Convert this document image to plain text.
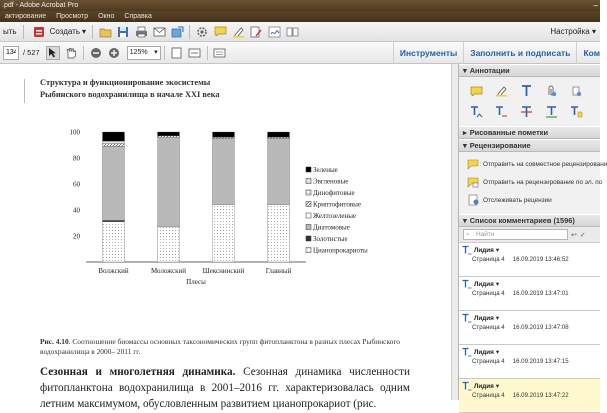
.pdf - Adobe Acrobat Pro	–
актирование	Просмотр	Окно	Справка
ыть	Создать ▾	Настройка ▾
134
/ 527	125% ▾	Инструменты	Заполнить и подписать	Ком
Структура и функционирование экосистемы
Рыбинского водохранилища в начале XXI века
20
40
60
80
100
Волжский	Моложский Шекснинский	Главный
Плесы
Зеленые
Эвгленовые
Динофитовые
Криптофитовые
Желтозеленые
Диатомовые
Золотистые
Цианопрокариоты
Рис. 4.10. Соотношение биомассы основных таксономических групп фитопланктона в разных плесах Рыбинского водохранилища в 2000– 2011 гг.
Сезонная и многолетняя динамика. Сезонная динамика численности фитопланктона водохранилища в 2001–2016 гг. характеризовалась одним летним максимумом, обусловленным развитием цианопрокариот (рис.
▾ Аннотации
▸ Рисованные пометки
▾ Рецензирование
Отправить на совместное рецензировани
Отправить на рецензирование по эл. по
Отслеживать рецензии
▾ Список комментариев (1596)
⌕ Найти	↩ ✓
Лидия ▾
Страница 4 16.09.2019 13:46:52
Лидия ▾
Страница 4 16.09.2019 13:47:01
Лидия ▾
Страница 4 16.09.2019 13:47:08
Лидия ▾
Страница 4 16.09.2019 13:47:15
Лидия ▾
Страница 4 16.09.2019 13:47:22
